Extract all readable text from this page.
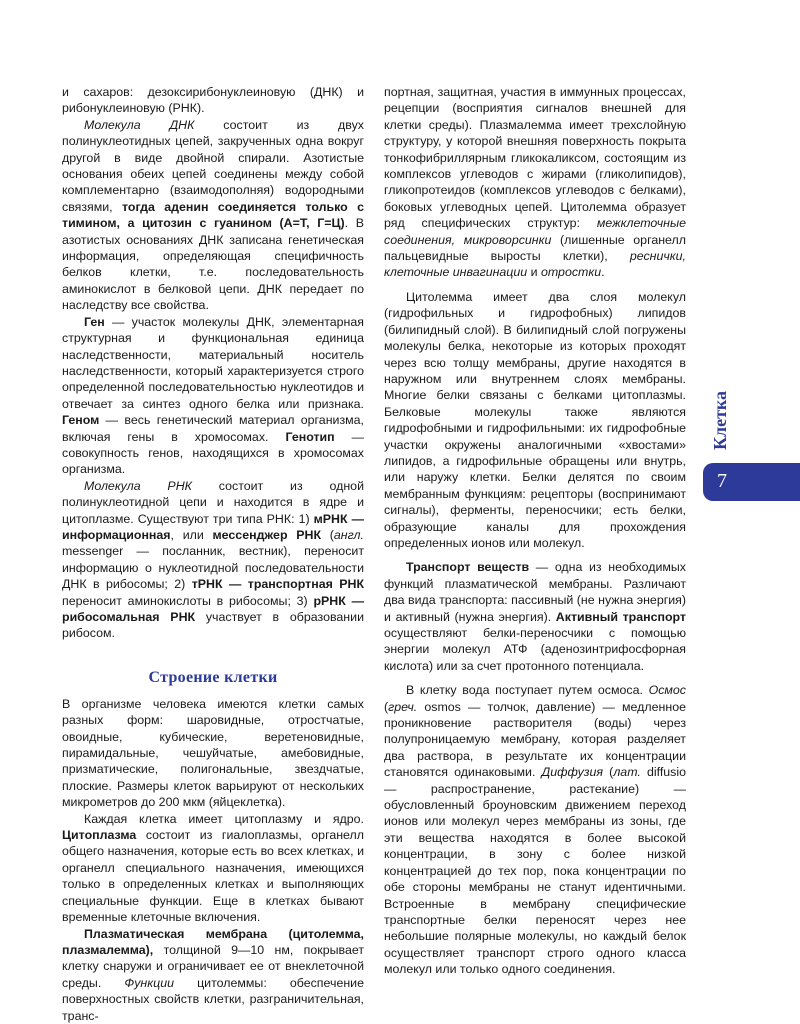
и сахаров: дезоксирибонуклеиновую (ДНК) и рибонуклеиновую (РНК).

Молекула ДНК состоит из двух полинуклеотидных цепей, закрученных одна вокруг другой в виде двойной спирали. Азотистые основания обеих цепей соединены между собой комплементарно (взаимодополняя) водородными связями, тогда аденин соединяется только с тимином, а цитозин с гуанином (А=Т, Г=Ц). В азотистых основаниях ДНК записана генетическая информация, определяющая специфичность белков клетки, т.е. последовательность аминокислот в белковой цепи. ДНК передает по наследству все свойства.

Ген — участок молекулы ДНК, элементарная структурная и функциональная единица наследственности, материальный носитель наследственности, который характеризуется строго определенной последовательностью нуклеотидов и отвечает за синтез одного белка или признака. Геном — весь генетический материал организма, включая гены в хромосомах. Генотип — совокупность генов, находящихся в хромосомах организма.

Молекула РНК состоит из одной полинуклеотидной цепи и находится в ядре и цитоплазме. Существуют три типа РНК: 1) мРНК — информационная, или мессенджер РНК (англ. messenger — посланник, вестник), переносит информацию о нуклеотидной последовательности ДНК в рибосомы; 2) тРНК — транспортная РНК переносит аминокислоты в рибосомы; 3) рРНК — рибосомальная РНК участвует в образовании рибосом.

Строение клетки

В организме человека имеются клетки самых разных форм: шаровидные, отростчатые, овоидные, кубические, веретеновидные, пирамидальные, чешуйчатые, амебовидные, призматические, полигональные, звездчатые, плоские. Размеры клеток варьируют от нескольких микрометров до 200 мкм (яйцеклетка).

Каждая клетка имеет цитоплазму и ядро. Цитоплазма состоит из гиалоплазмы, органелл общего назначения, которые есть во всех клетках, и органелл специального назначения, имеющихся только в определенных клетках и выполняющих специальные функции. Еще в клетках бывают временные клеточные включения.

Плазматическая мембрана (цитолемма, плазмалемма), толщиной 9—10 нм, покрывает клетку снаружи и ограничивает ее от внеклеточной среды. Функции цитолеммы: обеспечение поверхностных свойств клетки, разграничительная, транс-

портная, защитная, участия в иммунных процессах, рецепции (восприятия сигналов внешней для клетки среды). Плазмалемма имеет трехслойную структуру, у которой внешняя поверхность покрыта тонкофибриллярным гликокаликсом, состоящим из комплексов углеводов с жирами (гликолипидов), гликопротеидов (комплексов углеводов с белками), боковых углеводных цепей. Цитолемма образует ряд специфических структур: межклеточные соединения, микроворсинки (лишенные органелл пальцевидные выросты клетки), реснички, клеточные инвагинации и отростки.

Цитолемма имеет два слоя молекул (гидрофильных и гидрофобных) липидов (билипидный слой). В билипидный слой погружены молекулы белка, некоторые из которых проходят через всю толщу мембраны, другие находятся в наружном или внутреннем слоях мембраны. Многие белки связаны с белками цитоплазмы. Белковые молекулы также являются гидрофобными и гидрофильными: их гидрофобные участки окружены аналогичными «хвостами» липидов, а гидрофильные обращены или внутрь, или наружу клетки. Белки делятся по своим мембранным функциям: рецепторы (воспринимают сигналы), ферменты, переносчики; есть белки, образующие каналы для прохождения определенных ионов или молекул.

Транспорт веществ — одна из необходимых функций плазматической мембраны. Различают два вида транспорта: пассивный (не нужна энергия) и активный (нужна энергия). Активный транспорт осуществляют белки-переносчики с помощью энергии молекул АТФ (аденозинтрифосфорная кислота) или за счет протонного потенциала.

В клетку вода поступает путем осмоса. Осмос (греч. osmos — толчок, давление) — медленное проникновение растворителя (воды) через полупроницаемую мембрану, которая разделяет два раствора, в результате их концентрации становятся одинаковыми. Диффузия (лат. diffusio — распространение, растекание) — обусловленный броуновским движением переход ионов или молекул через мембраны из зоны, где эти вещества находятся в более высокой концентрации, в зону с более низкой концентрацией до тех пор, пока концентрации по обе стороны мембраны не станут идентичными. Встроенные в мембрану специфические транспортные белки переносят через нее небольшие полярные молекулы, но каждый белок осуществляет транспорт строго одного класса молекул или только одного соединения.

Клетка
7
